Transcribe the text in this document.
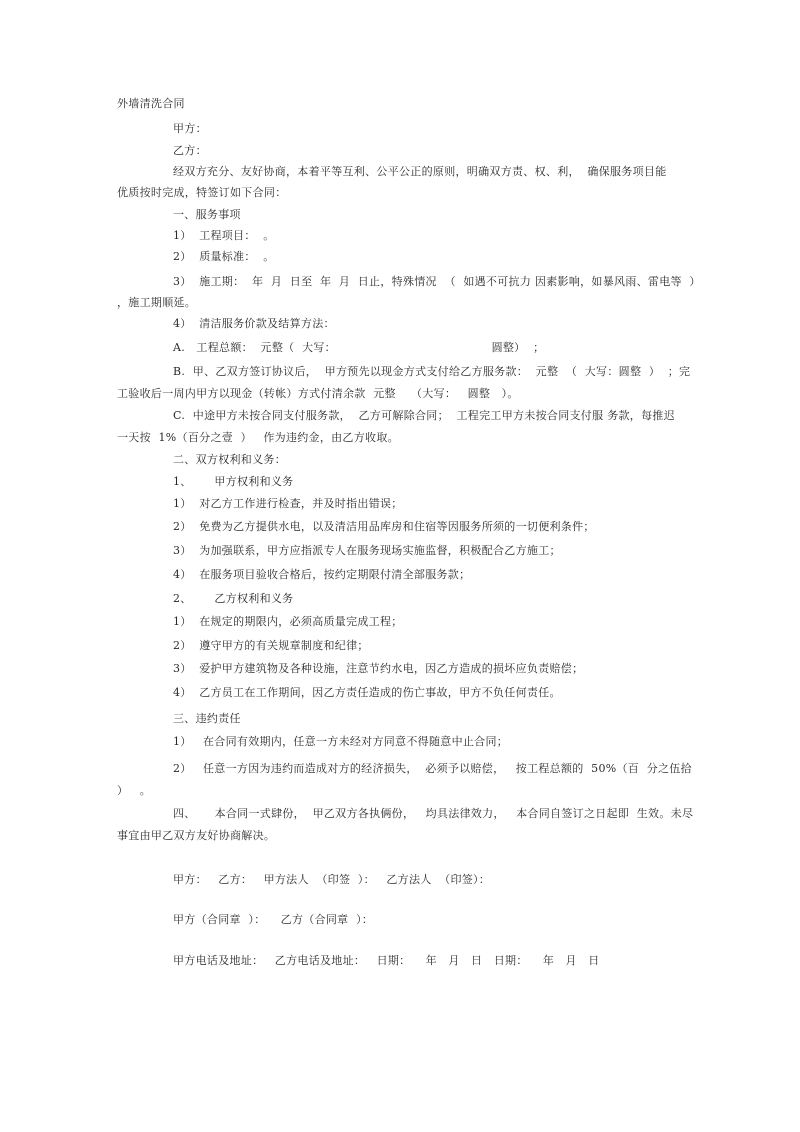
外墙清洗合同
甲方：
乙方：
经双方充分、友好协商，本着平等互利、公平公正的原则，明确双方责、权、利，  确保服务项目能
优质按时完成，特签订如下合同：
一、服务事项
1）  工程项目：  。
2）  质量标准：  。
3）  施工期：  年  月  日至  年  月  日止，特殊情况  （  如遇不可抗力 因素影响，如暴风雨、雷电等  ）
，施工期顺延。
4）  清洁服务价款及结算方法：
A.   工程总额：  元整（  大写：                                         圆整）  ；
B.  甲、乙双方签订协议后，  甲方预先以现金方式支付给乙方服务款：  元整  （  大写：圆整  ）  ；完
工验收后一周内甲方以现金（转帐）方式付清余款  元整    （大写：   圆整   ）。
C.  中途甲方未按合同支付服务款，  乙方可解除合同；  工程完工甲方未按合同支付服 务款，每推迟
一天按  1%（百分之壹  ）   作为违约金，由乙方收取。
二、双方权利和义务：
1、      甲方权利和义务
1）  对乙方工作进行检查，并及时指出错误；
2）  免费为乙方提供水电，以及清洁用品库房和住宿等因服务所须的一切便利条件；
3）  为加强联系，甲方应指派专人在服务现场实施监督，积极配合乙方施工；
4）  在服务项目验收合格后，按约定期限付清全部服务款；
2、      乙方权利和义务
1）  在规定的期限内，必须高质量完成工程；
2）  遵守甲方的有关规章制度和纪律；
3）  爱护甲方建筑物及各种设施，注意节约水电，因乙方造成的损坏应负责赔偿；
4）  乙方员工在工作期间，因乙方责任造成的伤亡事故，甲方不负任何责任。
三、违约责任
1）   在合同有效期内，任意一方未经对方同意不得随意中止合同；
2）   任意一方因为违约而造成对方的经济损失，  必须予以赔偿，   按工程总额的  50%（百  分之伍拾
）   。
四、     本合同一式肆份，  甲乙双方各执俩份，   均具法律效力，   本合同自签订之日起即  生效。未尽
事宜由甲乙双方友好协商解决。
甲方：   乙方：   甲方法人  （印签  ）：   乙方法人  （印签）：
甲方（合同章  ）：    乙方（合同章  ）：
甲方电话及地址：   乙方电话及地址：   日期：    年   月   日   日期：    年   月   日
